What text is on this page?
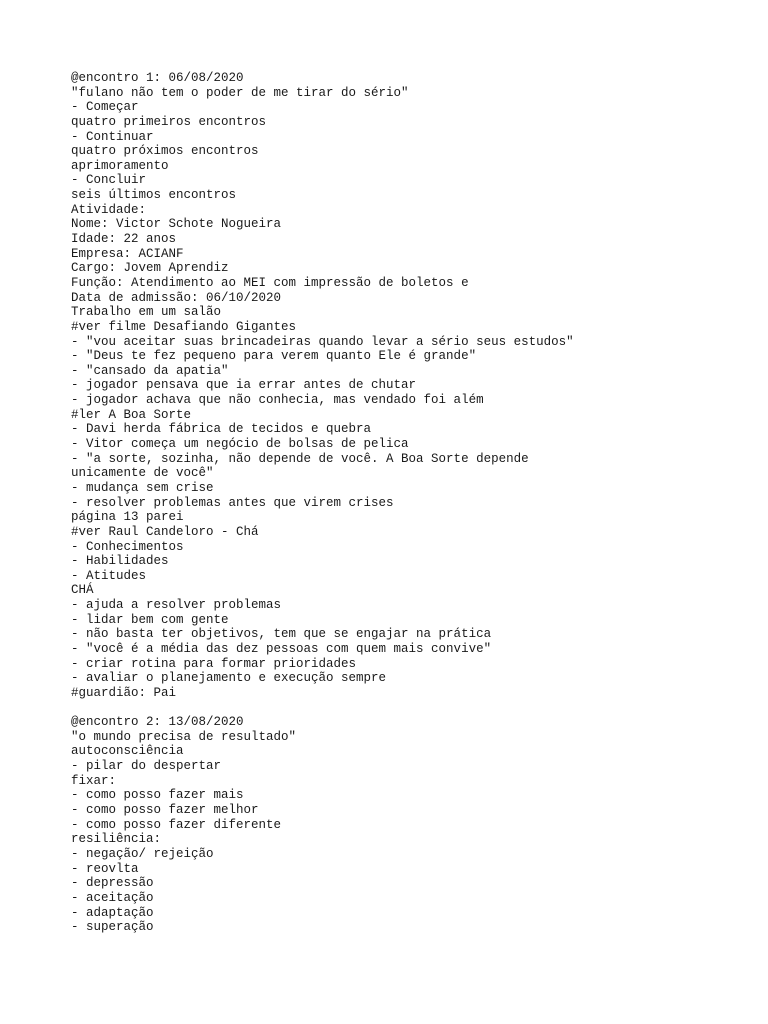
@encontro 1: 06/08/2020
"fulano não tem o poder de me tirar do sério"
- Começar
quatro primeiros encontros
- Continuar
quatro próximos encontros
aprimoramento
- Concluir
seis últimos encontros
Atividade:
Nome: Victor Schote Nogueira
Idade: 22 anos
Empresa: ACIANF
Cargo: Jovem Aprendiz
Função: Atendimento ao MEI com impressão de boletos e
Data de admissão: 06/10/2020
Trabalho em um salão
#ver filme Desafiando Gigantes
- "vou aceitar suas brincadeiras quando levar a sério seus estudos"
- "Deus te fez pequeno para verem quanto Ele é grande"
- "cansado da apatia"
- jogador pensava que ia errar antes de chutar
- jogador achava que não conhecia, mas vendado foi além
#ler A Boa Sorte
- Davi herda fábrica de tecidos e quebra
- Vitor começa um negócio de bolsas de pelica
- "a sorte, sozinha, não depende de você. A Boa Sorte depende
unicamente de você"
- mudança sem crise
- resolver problemas antes que virem crises
página 13 parei
#ver Raul Candeloro - Chá
- Conhecimentos
- Habilidades
- Atitudes
CHÁ
- ajuda a resolver problemas
- lidar bem com gente
- não basta ter objetivos, tem que se engajar na prática
- "você é a média das dez pessoas com quem mais convive"
- criar rotina para formar prioridades
- avaliar o planejamento e execução sempre
#guardião: Pai
@encontro 2: 13/08/2020
"o mundo precisa de resultado"
autoconsciência
- pilar do despertar
fixar:
- como posso fazer mais
- como posso fazer melhor
- como posso fazer diferente
resiliência:
- negação/ rejeição
- reovlta
- depressão
- aceitação
- adaptação
- superação
